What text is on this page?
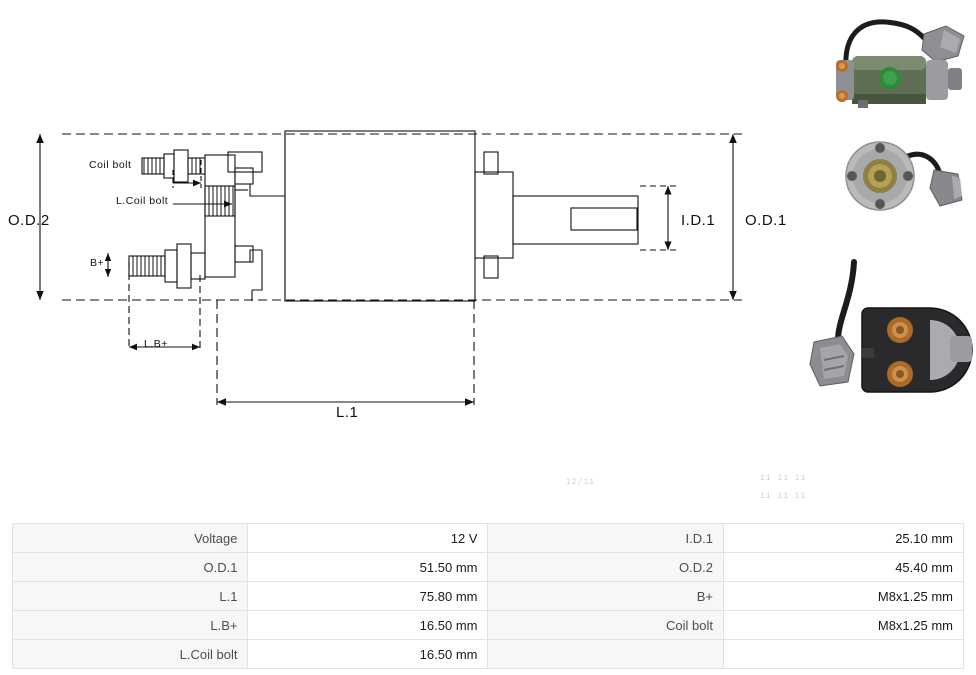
O.D.2	O.D.1
I.D.1
L.1
L.B+
B+
Coil bolt
L.Coil bolt
12/11	11 11 11
11 11 11
Voltage	12 V	I.D.1	25.10 mm
O.D.1	51.50 mm	O.D.2	45.40 mm
L.1	75.80 mm	B+	M8x1.25 mm
L.B+	16.50 mm	Coil bolt	M8x1.25 mm
L.Coil bolt	16.50 mm		
